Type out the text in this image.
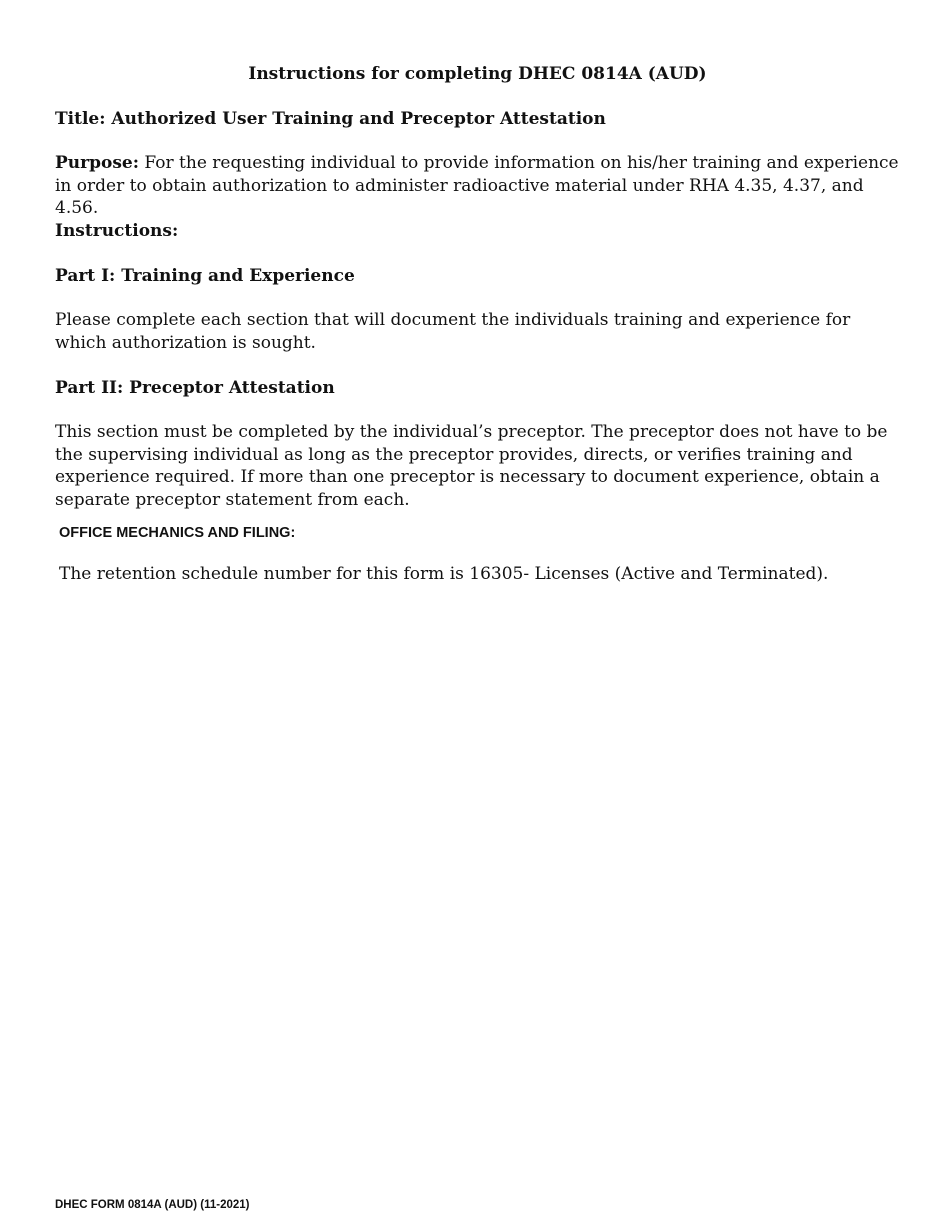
Instructions for completing DHEC 0814A (AUD)
Title: Authorized User Training and Preceptor Attestation
Purpose: For the requesting individual to provide information on his/her training and experience in order to obtain authorization to administer radioactive material under RHA 4.35, 4.37, and 4.56.
Instructions:
Part I: Training and Experience
Please complete each section that will document the individuals training and experience for which authorization is sought.
Part II: Preceptor Attestation
This section must be completed by the individual’s preceptor. The preceptor does not have to be the supervising individual as long as the preceptor provides, directs, or verifies training and experience required. If more than one preceptor is necessary to document experience, obtain a separate preceptor statement from each.
OFFICE MECHANICS AND FILING:
The retention schedule number for this form is 16305- Licenses (Active and Terminated).
DHEC FORM 0814A (AUD) (11-2021)
